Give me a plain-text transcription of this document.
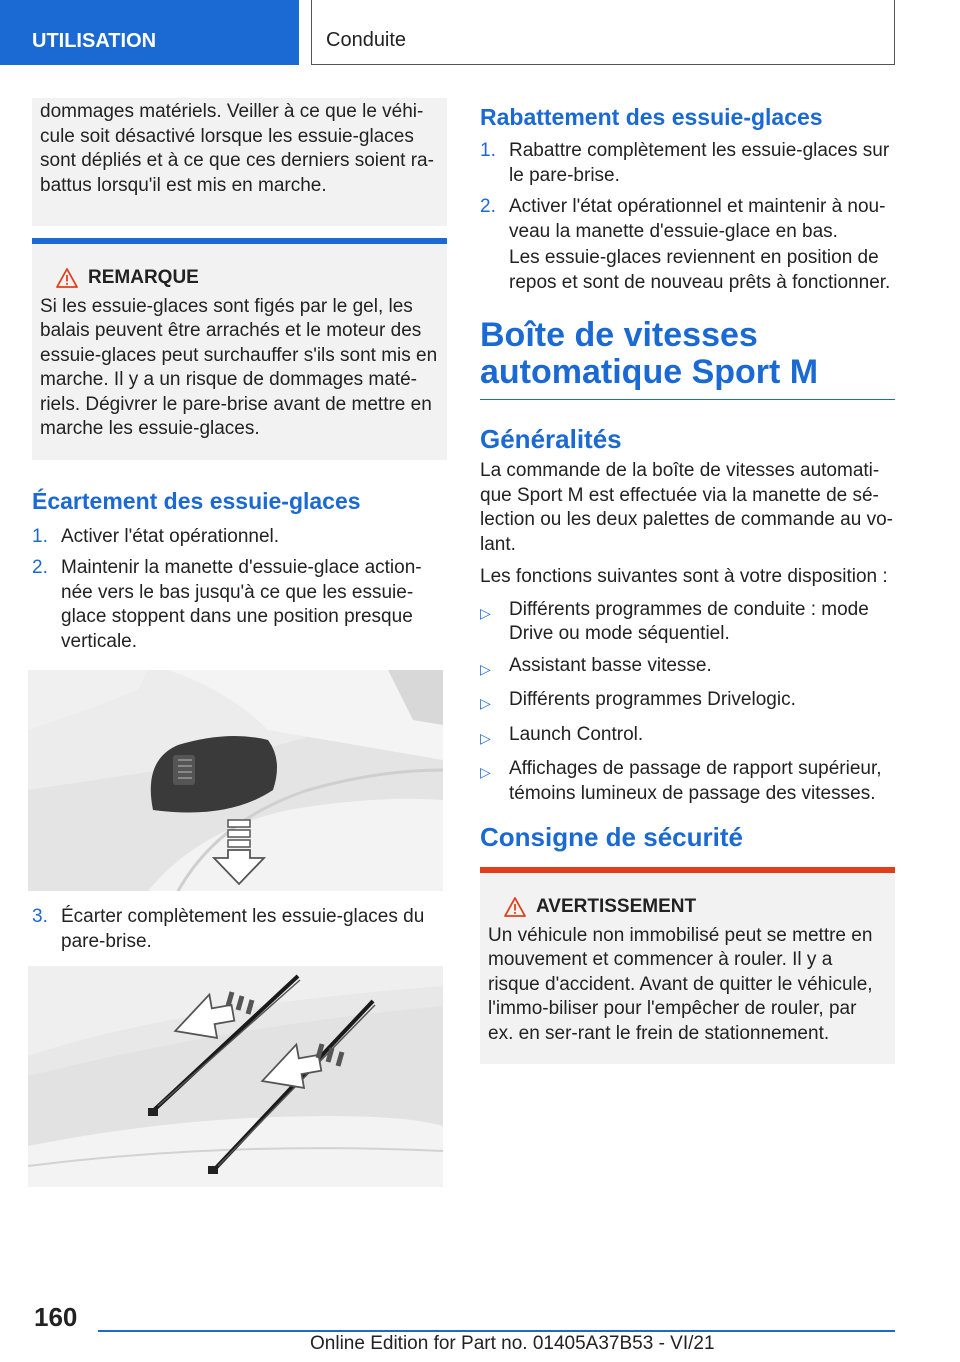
UTILISATION	Conduite
dommages matériels. Veiller à ce que le véhi-cule soit désactivé lorsque les essuie-glaces sont dépliés et à ce que ces derniers soient ra-battus lorsqu'il est mis en marche.
REMARQUE
Si les essuie-glaces sont figés par le gel, les balais peuvent être arrachés et le moteur des essuie-glaces peut surchauffer s'ils sont mis en marche. Il y a un risque de dommages maté-riels. Dégivrer le pare-brise avant de mettre en marche les essuie-glaces.
Écartement des essuie-glaces
1. Activer l'état opérationnel.
2. Maintenir la manette d'essuie-glace action-née vers le bas jusqu'à ce que les essuie-glace stoppent dans une position presque verticale.
3. Écarter complètement les essuie-glaces du pare-brise.
Rabattement des essuie-glaces
1. Rabattre complètement les essuie-glaces sur le pare-brise.
2. Activer l'état opérationnel et maintenir à nou-veau la manette d'essuie-glace en bas.
Les essuie-glaces reviennent en position de repos et sont de nouveau prêts à fonctionner.
Boîte de vitesses automatique Sport M
Généralités
La commande de la boîte de vitesses automati-que Sport M est effectuée via la manette de sé-lection ou les deux palettes de commande au vo-lant.
Les fonctions suivantes sont à votre disposition :
▷ Différents programmes de conduite : mode Drive ou mode séquentiel.
▷ Assistant basse vitesse.
▷ Différents programmes Drivelogic.
▷ Launch Control.
▷ Affichages de passage de rapport supérieur, témoins lumineux de passage des vitesses.
Consigne de sécurité
AVERTISSEMENT
Un véhicule non immobilisé peut se mettre en mouvement et commencer à rouler. Il y a risque d'accident. Avant de quitter le véhicule, l'immo-biliser pour l'empêcher de rouler, par ex. en ser-rant le frein de stationnement.
160
Online Edition for Part no. 01405A37B53 - VI/21
